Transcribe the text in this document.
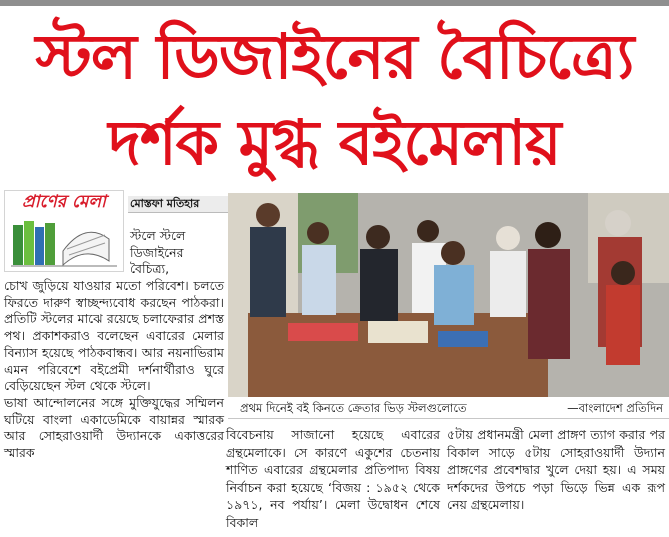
স্টল ডিজাইনের বৈচিত্র্যে
দর্শক মুগ্ধ বইমেলায়
প্রাণের মেলা	মোস্তফা মতিহার
স্টলে স্টলে ডিজাইনের বৈচিত্র্য,

চোখ জুড়িয়ে যাওয়ার মতো পরিবেশ। চলতে ফিরতে দারুণ স্বাচ্ছন্দ্যবোধ করছেন পাঠকরা। প্রতিটি স্টলের মাঝে রয়েছে চলাফেরার প্রশস্ত পথ। প্রকাশকরাও বলেছেন এবারের মেলার বিন্যাস হয়েছে পাঠকবান্ধব। আর নয়নাভিরাম এমন পরিবেশে বইপ্রেমী দর্শনার্থীরাও ঘুরে বেড়িয়েছেন স্টল থেকে স্টলে।

ভাষা আন্দোলনের সঙ্গে মুক্তিযুদ্ধের সম্মিলন ঘটিয়ে বাংলা একাডেমিকে বায়ান্নর স্মারক আর সোহরাওয়ার্দী উদ্যানকে একাত্তরের স্মারক

প্রথম দিনেই বই কিনতে ক্রেতার ভিড় স্টলগুলোতে	—বাংলাদেশ প্রতিদিন

বিবেচনায় সাজানো হয়েছে এবারের গ্রন্থমেলাকে। সে কারণে একুশের চেতনায় শাণিত এবারের গ্রন্থমেলার প্রতিপাদ্য বিষয় নির্বাচন করা হয়েছে ‘বিজয় : ১৯৫২ থেকে ১৯৭১, নব পর্যায়’। মেলা উদ্বোধন শেষে বিকাল

৫টায় প্রধানমন্ত্রী মেলা প্রাঙ্গণ ত্যাগ করার পর বিকাল সাড়ে ৫টায় সোহরাওয়ার্দী উদ্যান প্রাঙ্গণের প্রবেশদ্বার খুলে দেয়া হয়। এ সময় দর্শকদের উপচে পড়া ভিড়ে ভিন্ন এক রূপ নেয় গ্রন্থমেলায়।
